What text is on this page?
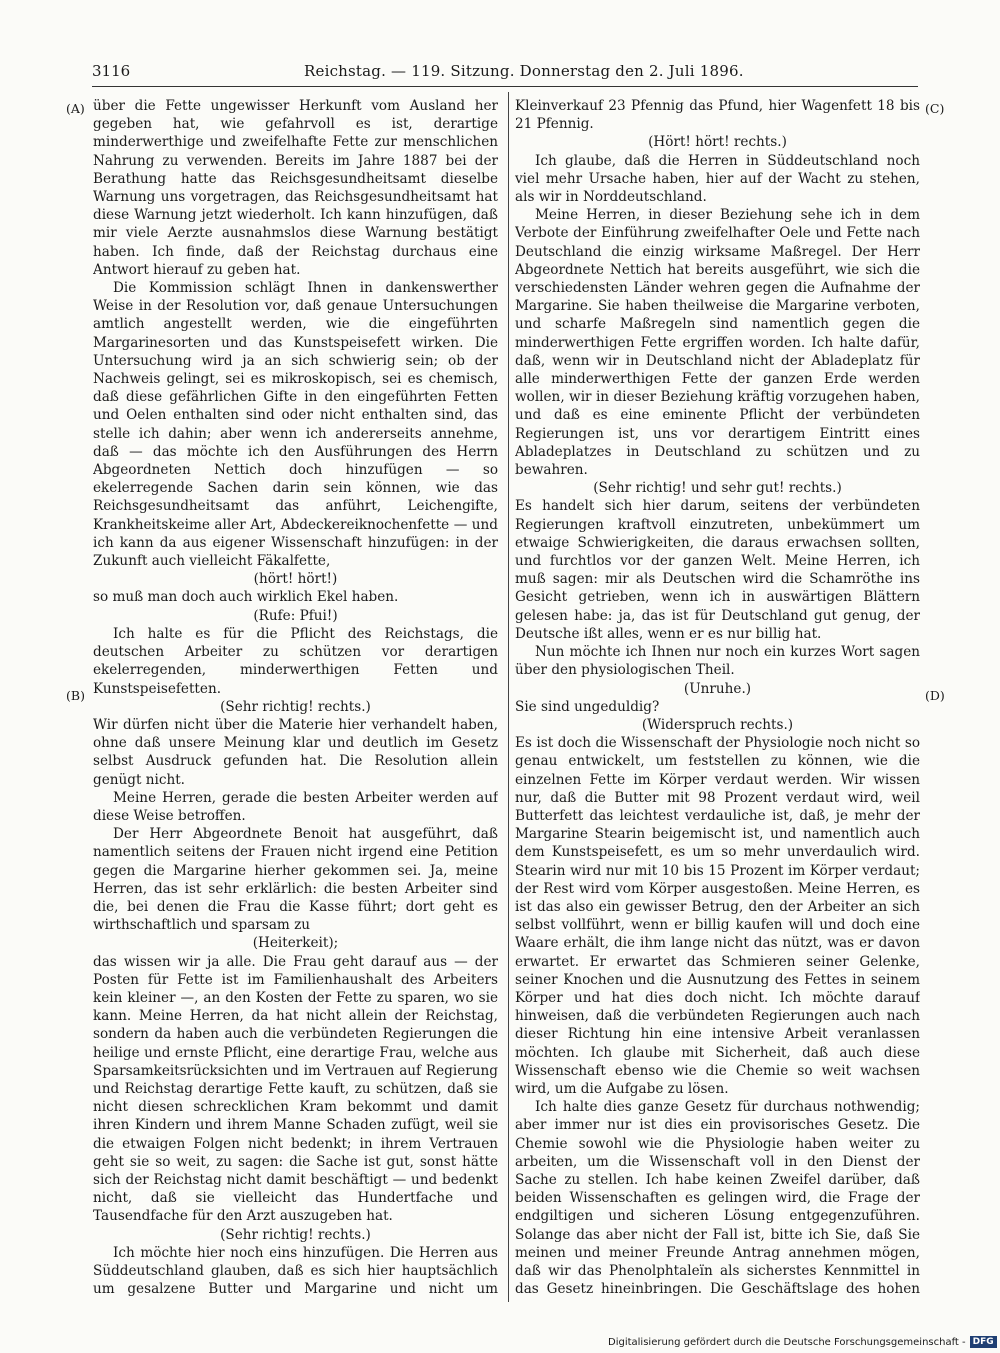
3116	Reichstag. — 119. Sitzung. Donnerstag den 2. Juli 1896.
(A)
(B)
(C)
(D)

über die Fette ungewisser Herkunft vom Ausland her gegeben hat, wie gefahrvoll es ist, derartige minderwerthige und zweifelhafte Fette zur menschlichen Nahrung zu verwenden. Bereits im Jahre 1887 bei der Berathung hatte das Reichsgesundheitsamt dieselbe Warnung uns vorgetragen, das Reichsgesundheitsamt hat diese Warnung jetzt wiederholt. Ich kann hinzufügen, daß mir viele Aerzte ausnahmslos diese Warnung bestätigt haben. Ich finde, daß der Reichstag durchaus eine Antwort hierauf zu geben hat.

Die Kommission schlägt Ihnen in dankenswerther Weise in der Resolution vor, daß genaue Untersuchungen amtlich angestellt werden, wie die eingeführten Margarinesorten und das Kunstspeisefett wirken. Die Untersuchung wird ja an sich schwierig sein; ob der Nachweis gelingt, sei es mikroskopisch, sei es chemisch, daß diese gefährlichen Gifte in den eingeführten Fetten und Oelen enthalten sind oder nicht enthalten sind, das stelle ich dahin; aber wenn ich andererseits annehme, daß — das möchte ich den Ausführungen des Herrn Abgeordneten Nettich doch hinzufügen — so ekelerregende Sachen darin sein können, wie das Reichsgesundheitsamt das anführt, Leichengifte, Krankheitskeime aller Art, Abdeckereiknochenfette — und ich kann da aus eigener Wissenschaft hinzufügen: in der Zukunft auch vielleicht Fäkalfette,

(hört! hört!)

so muß man doch auch wirklich Ekel haben.

(Rufe: Pfui!)

Ich halte es für die Pflicht des Reichstags, die deutschen Arbeiter zu schützen vor derartigen ekelerregenden, minderwerthigen Fetten und Kunstspeisefetten.

(Sehr richtig! rechts.)

Wir dürfen nicht über die Materie hier verhandelt haben, ohne daß unsere Meinung klar und deutlich im Gesetz selbst Ausdruck gefunden hat. Die Resolution allein genügt nicht.

Meine Herren, gerade die besten Arbeiter werden auf diese Weise betroffen.

Der Herr Abgeordnete Benoit hat ausgeführt, daß namentlich seitens der Frauen nicht irgend eine Petition gegen die Margarine hierher gekommen sei. Ja, meine Herren, das ist sehr erklärlich: die besten Arbeiter sind die, bei denen die Frau die Kasse führt; dort geht es wirthschaftlich und sparsam zu

(Heiterkeit);

das wissen wir ja alle. Die Frau geht darauf aus — der Posten für Fette ist im Familienhaushalt des Arbeiters kein kleiner —, an den Kosten der Fette zu sparen, wo sie kann. Meine Herren, da hat nicht allein der Reichstag, sondern da haben auch die verbündeten Regierungen die heilige und ernste Pflicht, eine derartige Frau, welche aus Sparsamkeitsrücksichten und im Vertrauen auf Regierung und Reichstag derartige Fette kauft, zu schützen, daß sie nicht diesen schrecklichen Kram bekommt und damit ihren Kindern und ihrem Manne Schaden zufügt, weil sie die etwaigen Folgen nicht bedenkt; in ihrem Vertrauen geht sie so weit, zu sagen: die Sache ist gut, sonst hätte sich der Reichstag nicht damit beschäftigt — und bedenkt nicht, daß sie vielleicht das Hundertfache und Tausendfache für den Arzt auszugeben hat.

(Sehr richtig! rechts.)

Ich möchte hier noch eins hinzufügen. Die Herren aus Süddeutschland glauben, daß es sich hier hauptsächlich um gesalzene Butter und Margarine und nicht um

Kleinverkauf 23 Pfennig das Pfund, hier Wagenfett 18 bis 21 Pfennig.

(Hört! hört! rechts.)

Ich glaube, daß die Herren in Süddeutschland noch viel mehr Ursache haben, hier auf der Wacht zu stehen, als wir in Norddeutschland.

Meine Herren, in dieser Beziehung sehe ich in dem Verbote der Einführung zweifelhafter Oele und Fette nach Deutschland die einzig wirksame Maßregel. Der Herr Abgeordnete Nettich hat bereits ausgeführt, wie sich die verschiedensten Länder wehren gegen die Aufnahme der Margarine. Sie haben theilweise die Margarine verboten, und scharfe Maßregeln sind namentlich gegen die minderwerthigen Fette ergriffen worden. Ich halte dafür, daß, wenn wir in Deutschland nicht der Abladeplatz für alle minderwerthigen Fette der ganzen Erde werden wollen, wir in dieser Beziehung kräftig vorzugehen haben, und daß es eine eminente Pflicht der verbündeten Regierungen ist, uns vor derartigem Eintritt eines Abladeplatzes in Deutschland zu schützen und zu bewahren.

(Sehr richtig! und sehr gut! rechts.)

Es handelt sich hier darum, seitens der verbündeten Regierungen kraftvoll einzutreten, unbekümmert um etwaige Schwierigkeiten, die daraus erwachsen sollten, und furchtlos vor der ganzen Welt. Meine Herren, ich muß sagen: mir als Deutschen wird die Schamröthe ins Gesicht getrieben, wenn ich in auswärtigen Blättern gelesen habe: ja, das ist für Deutschland gut genug, der Deutsche ißt alles, wenn er es nur billig hat.

Nun möchte ich Ihnen nur noch ein kurzes Wort sagen über den physiologischen Theil.

(Unruhe.)

Sie sind ungeduldig?

(Widerspruch rechts.)

Es ist doch die Wissenschaft der Physiologie noch nicht so genau entwickelt, um feststellen zu können, wie die einzelnen Fette im Körper verdaut werden. Wir wissen nur, daß die Butter mit 98 Prozent verdaut wird, weil Butterfett das leichtest verdauliche ist, daß, je mehr der Margarine Stearin beigemischt ist, und namentlich auch dem Kunstspeisefett, es um so mehr unverdaulich wird. Stearin wird nur mit 10 bis 15 Prozent im Körper verdaut; der Rest wird vom Körper ausgestoßen. Meine Herren, es ist das also ein gewisser Betrug, den der Arbeiter an sich selbst vollführt, wenn er billig kaufen will und doch eine Waare erhält, die ihm lange nicht das nützt, was er davon erwartet. Er erwartet das Schmieren seiner Gelenke, seiner Knochen und die Ausnutzung des Fettes in seinem Körper und hat dies doch nicht. Ich möchte darauf hinweisen, daß die verbündeten Regierungen auch nach dieser Richtung hin eine intensive Arbeit veranlassen möchten. Ich glaube mit Sicherheit, daß auch diese Wissenschaft ebenso wie die Chemie so weit wachsen wird, um die Aufgabe zu lösen.

Ich halte dies ganze Gesetz für durchaus nothwendig; aber immer nur ist dies ein provisorisches Gesetz. Die Chemie sowohl wie die Physiologie haben weiter zu arbeiten, um die Wissenschaft voll in den Dienst der Sache zu stellen. Ich habe keinen Zweifel darüber, daß beiden Wissenschaften es gelingen wird, die Frage der endgiltigen und sicheren Lösung entgegenzuführen. Solange das aber nicht der Fall ist, bitte ich Sie, daß Sie meinen und meiner Freunde Antrag annehmen mögen, daß wir das Phenolphtaleïn als sicherstes Kennmittel in das Gesetz hineinbringen. Die Geschäftslage des hohen

Digitalisierung gefördert durch die Deutsche Forschungsgemeinschaft - DFG
